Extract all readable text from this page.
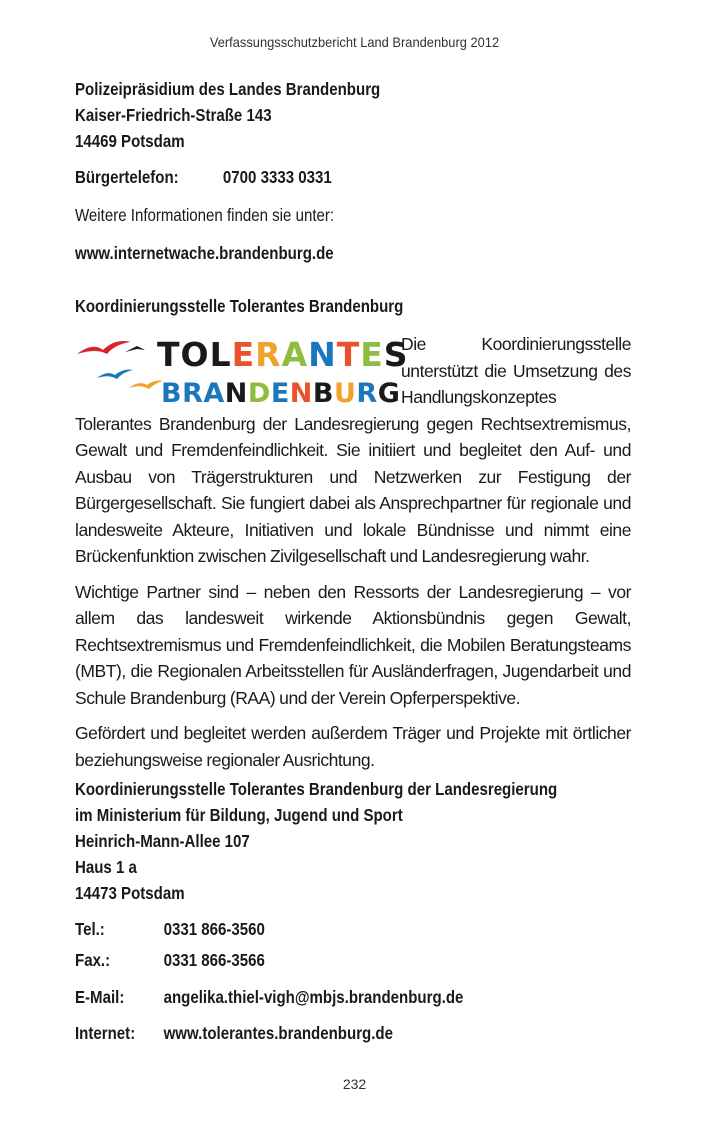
Verfassungsschutzbericht Land Brandenburg 2012
Polizeipräsidium des Landes Brandenburg
Kaiser-Friedrich-Straße 143
14469 Potsdam
Bürgertelefon:	0700 3333 0331
Weitere Informationen finden sie unter:
www.internetwache.brandenburg.de
Koordinierungsstelle Tolerantes Brandenburg
TOLERANTES
BRANDENBURG
Die Koordinierungsstelle unterstützt die Umsetzung des Handlungskonzeptes Tolerantes Brandenburg der Landesregierung gegen Rechtsextremismus, Gewalt und Fremdenfeindlichkeit. Sie initiiert und begleitet den Auf- und Ausbau von Trägerstrukturen und Netzwerken zur Festigung der Bürgergesellschaft. Sie fungiert dabei als Ansprechpartner für regionale und landesweite Akteure, Initiativen und lokale Bündnisse und nimmt eine Brückenfunktion zwischen Zivilgesellschaft und Landesregierung wahr.
Wichtige Partner sind – neben den Ressorts der Landesregierung – vor allem das landesweit wirkende Aktionsbündnis gegen Gewalt, Rechtsextremismus und Fremdenfeindlichkeit, die Mobilen Beratungsteams (MBT), die Regionalen Arbeitsstellen für Ausländerfragen, Jugendarbeit und Schule Brandenburg (RAA) und der Verein Opferperspektive.
Gefördert und begleitet werden außerdem Träger und Projekte mit örtlicher beziehungsweise regionaler Ausrichtung.
Koordinierungsstelle Tolerantes Brandenburg der Landesregierung
im Ministerium für Bildung, Jugend und Sport
Heinrich-Mann-Allee 107
Haus 1 a
14473 Potsdam
Tel.:	0331 866-3560
Fax.:	0331 866-3566
E-Mail:	angelika.thiel-vigh@mbjs.brandenburg.de
Internet:	www.tolerantes.brandenburg.de
232
